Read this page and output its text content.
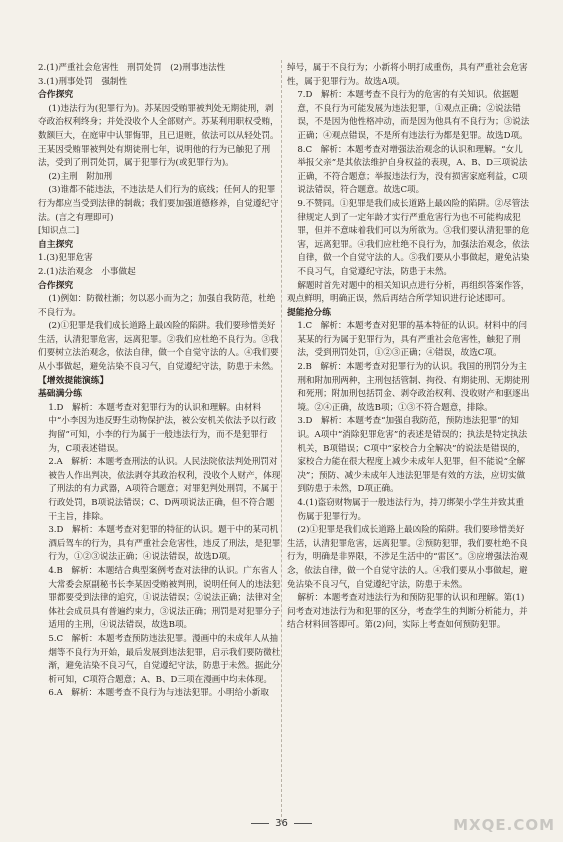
2.(1)严重社会危害性　刑罚处罚　(2)刑事违法性

3.(1)刑事处罚　强制性

合作探究

(1)违法行为(犯罪行为)。苏某因受贿罪被判处无期徒刑，剥夺政治权利终身；并处没收个人全部财产。苏某利用职权受贿，数额巨大，在庭审中认罪悔罪，且已退赃，依法可以从轻处罚。王某因受贿罪被判处有期徒刑七年，说明他的行为已触犯了刑法，受到了刑罚处罚，属于犯罪行为(或犯罪行为)。

(2)主刑　附加刑

(3)谁都不能违法，不违法是人们行为的底线；任何人的犯罪行为都应当受到法律的制裁；我们要加强道德修养，自觉遵纪守法。(言之有理即可)

[知识点二]

自主探究

1.(3)犯罪危害

2.(1)法治观念　小事做起

合作探究

(1)例如：防微杜渐；勿以恶小而为之；加强自我防范，杜绝不良行为。

(2)①犯罪是我们成长道路上最凶险的陷阱。我们要珍惜美好生活，认清犯罪危害，远离犯罪。②我们应杜绝不良行为。③我们要树立法治观念，依法自律，做一个自觉守法的人。④我们要从小事做起，避免沾染不良习气，自觉遵纪守法，防患于未然。

【增效提能演练】

基础满分练

1.D　解析：本题考查对犯罪行为的认识和理解。由材料中“小李因为违反野生动物保护法，被公安机关依法予以行政拘留”可知，小李的行为属于一般违法行为，而不是犯罪行为，C项表述错误。

2.A　解析：本题考查刑法的认识。人民法院依法判处刑罚对被告人作出判决，依法剥夺其政治权利，没收个人财产，体现了刑法的有力武器，A项符合题意；对罪犯判处刑罚，不属于行政处罚，B项说法错误；C、D两项说法正确，但不符合题干主旨，排除。

3.D　解析：本题考查对犯罪的特征的认识。题干中的某司机酒后驾车的行为，具有严重社会危害性，违反了刑法，是犯罪行为，①②③说法正确；④说法错误，故选D项。

4.B　解析：本题结合典型案例考查对法律的认识。广东省人大常委会原副秘书长李某因受贿被判刑，说明任何人的违法犯罪都要受到法律的追究，①说法错误；②说法正确；法律对全体社会成员具有普遍约束力，③说法正确；刑罚是对犯罪分子适用的主刑，④说法错误，故选B项。

5.C　解析：本题考查预防违法犯罪。漫画中的未成年人从抽烟等不良行为开始，最后发展到违法犯罪，启示我们要防微杜渐，避免沾染不良习气，自觉遵纪守法，防患于未然。据此分析可知，C项符合题意；A、B、D三项在漫画中均未体现。

6.A　解析：本题考查不良行为与违法犯罪。小明给小新取

绰号，属于不良行为；小新将小明打成重伤，具有严重社会危害性，属于犯罪行为。故选A项。

7.D　解析：本题考查不良行为的危害的有关知识。依据题意，不良行为可能发展为违法犯罪，①观点正确；②说法错误，不是因为他性格冲动，而是因为他具有不良行为；③说法正确；④观点错误，不是所有违法行为都是犯罪。故选D项。

8.C　解析：本题考查对增强法治观念的认识和理解。“女儿举报父亲”是其依法维护自身权益的表现，A、B、D三项说法正确，不符合题意；举报违法行为，没有损害家庭利益，C项说法错误，符合题意。故选C项。

9.不赞同。①犯罪是我们成长道路上最凶险的陷阱。②尽管法律规定人到了一定年龄才实行严重危害行为也不可能构成犯罪，但并不意味着我们可以为所欲为。③我们要认清犯罪的危害，远离犯罪。④我们应杜绝不良行为，加强法治观念，依法自律，做一个自觉守法的人。⑤我们要从小事做起，避免沾染不良习气，自觉遵纪守法，防患于未然。

解题时首先对题中的相关知识点进行分析，再组织答案作答，观点鲜明，明确正误，然后再结合所学知识进行论述即可。

提能抢分练

1.C　解析：本题考查对犯罪的基本特征的认识。材料中的闫某某的行为属于犯罪行为，具有严重社会危害性，触犯了刑法，受到刑罚处罚，①②③正确；④错误，故选C项。

2.B　解析：本题考查对犯罪行为的认识。我国的刑罚分为主刑和附加刑两种，主刑包括管制、拘役、有期徒刑、无期徒刑和死刑；附加刑包括罚金、剥夺政治权利、没收财产和驱逐出境。②④正确，故选B项；①③不符合题意，排除。

3.D　解析：本题考查“加强自我防范，预防违法犯罪”的知识。A项中“消除犯罪危害”的表述是错误的；执法是特定执法机关，B项错误；C项中“家校合力全解决”的说法是错误的，家校合力能在很大程度上减少未成年人犯罪，但不能说“全解决”；预防、减少未成年人违法犯罪是有效的方法，应切实做到防患于未然，D项正确。

4.(1)盗窃财物属于一般违法行为，持刀绑架小学生并致其重伤属于犯罪行为。

(2)①犯罪是我们成长道路上最凶险的陷阱。我们要珍惜美好生活，认清犯罪危害，远离犯罪。②预防犯罪，我们要杜绝不良行为，明确是非界限，不涉足生活中的“雷区”。③应增强法治观念，依法自律，做一个自觉守法的人。④我们要从小事做起，避免沾染不良习气，自觉遵纪守法，防患于未然。

解析：本题考查对违法行为和预防犯罪的认识和理解。第(1)问考查对违法行为和犯罪的区分，考查学生的判断分析能力，并结合材料回答即可。第(2)问，实际上考查如何预防犯罪。

36	MXQE.COM
